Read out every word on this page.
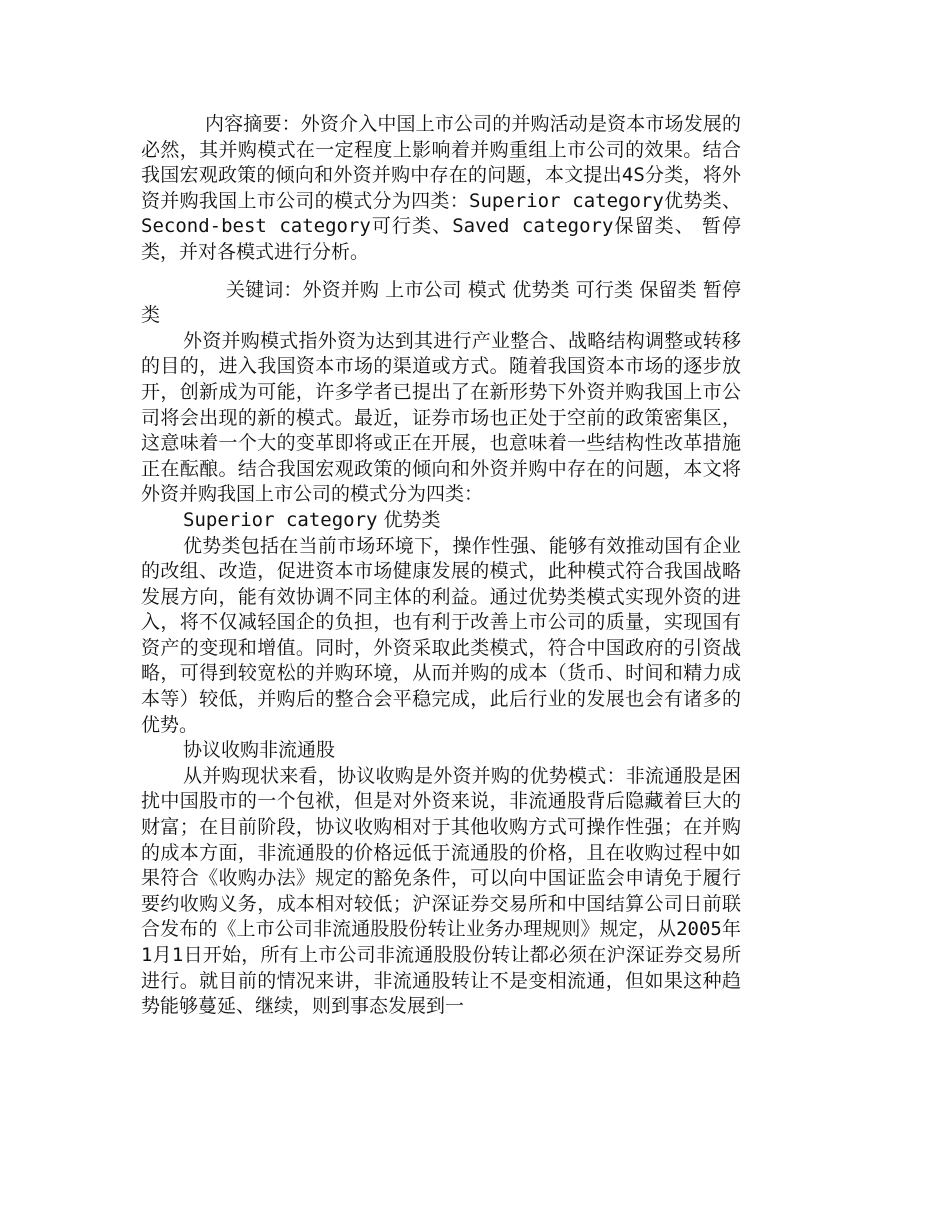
内容摘要：外资介入中国上市公司的并购活动是资本市场发展的必然，其并购模式在一定程度上影响着并购重组上市公司的效果。结合我国宏观政策的倾向和外资并购中存在的问题，本文提出4S分类，将外资并购我国上市公司的模式分为四类：Superior category优势类、Second-best category可行类、Saved category保留类、 暂停类，并对各模式进行分析。

关键词：外资并购 上市公司 模式 优势类 可行类 保留类 暂停类

外资并购模式指外资为达到其进行产业整合、战略结构调整或转移的目的，进入我国资本市场的渠道或方式。随着我国资本市场的逐步放开，创新成为可能，许多学者已提出了在新形势下外资并购我国上市公司将会出现的新的模式。最近，证券市场也正处于空前的政策密集区，这意味着一个大的变革即将或正在开展，也意味着一些结构性改革措施正在酝酿。结合我国宏观政策的倾向和外资并购中存在的问题，本文将外资并购我国上市公司的模式分为四类：

Superior category 优势类

优势类包括在当前市场环境下，操作性强、能够有效推动国有企业的改组、改造，促进资本市场健康发展的模式，此种模式符合我国战略发展方向，能有效协调不同主体的利益。通过优势类模式实现外资的进入，将不仅减轻国企的负担，也有利于改善上市公司的质量，实现国有资产的变现和增值。同时，外资采取此类模式，符合中国政府的引资战略，可得到较宽松的并购环境，从而并购的成本（货币、时间和精力成本等）较低，并购后的整合会平稳完成，此后行业的发展也会有诸多的优势。

协议收购非流通股

从并购现状来看，协议收购是外资并购的优势模式：非流通股是困扰中国股市的一个包袱，但是对外资来说，非流通股背后隐藏着巨大的财富；在目前阶段，协议收购相对于其他收购方式可操作性强；在并购的成本方面，非流通股的价格远低于流通股的价格，且在收购过程中如果符合《收购办法》规定的豁免条件，可以向中国证监会申请免于履行要约收购义务，成本相对较低；沪深证券交易所和中国结算公司日前联合发布的《上市公司非流通股股份转让业务办理规则》规定，从2005年1月1日开始，所有上市公司非流通股股份转让都必须在沪深证券交易所进行。就目前的情况来讲，非流通股转让不是变相流通，但如果这种趋势能够蔓延、继续，则到事态发展到一
